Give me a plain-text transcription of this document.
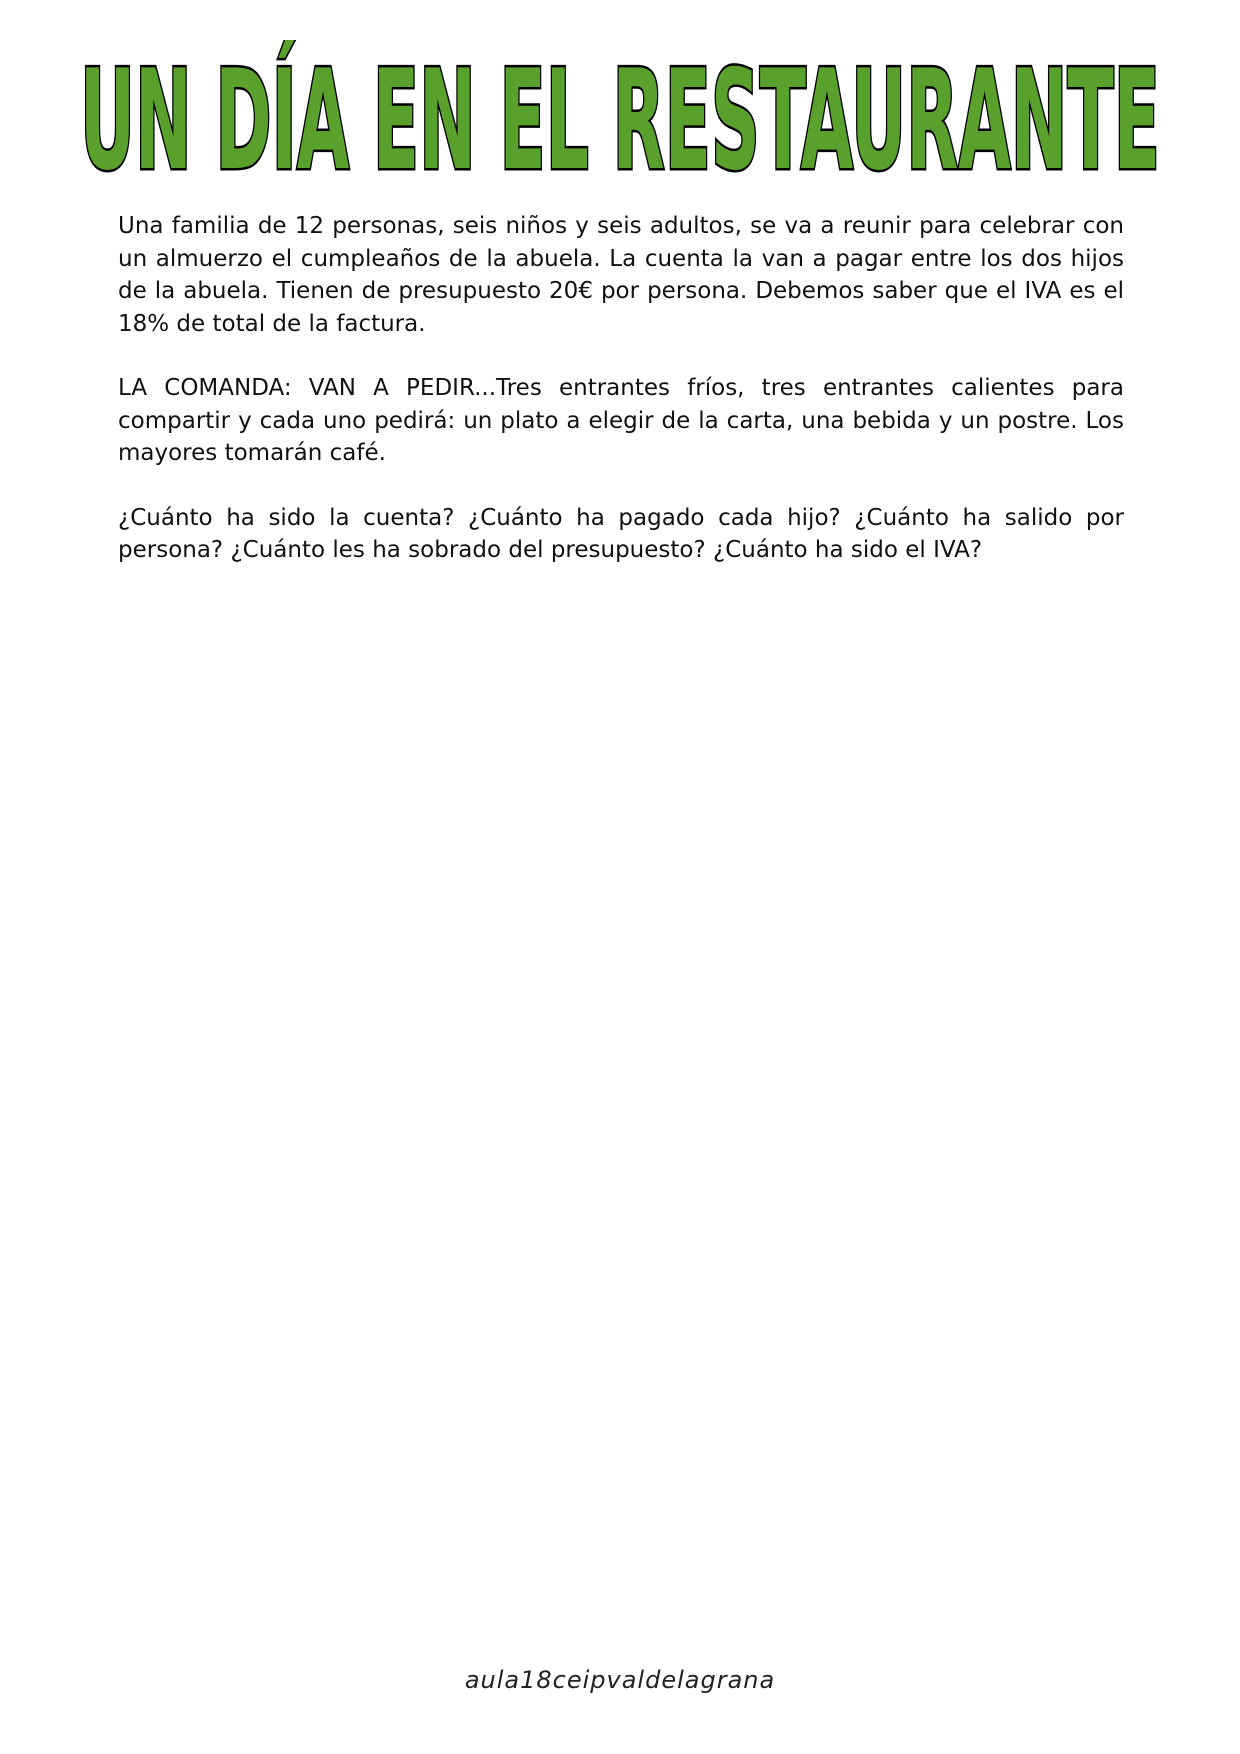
UN DÍA EN EL RESTAURANTE

Una familia de 12 personas, seis niños y seis adultos, se va a reunir para celebrar con un almuerzo el cumpleaños de la abuela. La cuenta la van a pagar entre los dos hijos de la abuela. Tienen de presupuesto 20€ por persona. Debemos saber que el IVA es el 18% de total de la factura.

LA COMANDA: VAN A PEDIR...Tres entrantes fríos, tres entrantes calientes para compartir y cada uno pedirá: un plato a elegir de la carta, una bebida y un postre. Los mayores tomarán café.

¿Cuánto ha sido la cuenta? ¿Cuánto ha pagado cada hijo? ¿Cuánto ha salido por persona? ¿Cuánto les ha sobrado del presupuesto? ¿Cuánto ha sido el IVA?

aula18ceipvaldelagrana
